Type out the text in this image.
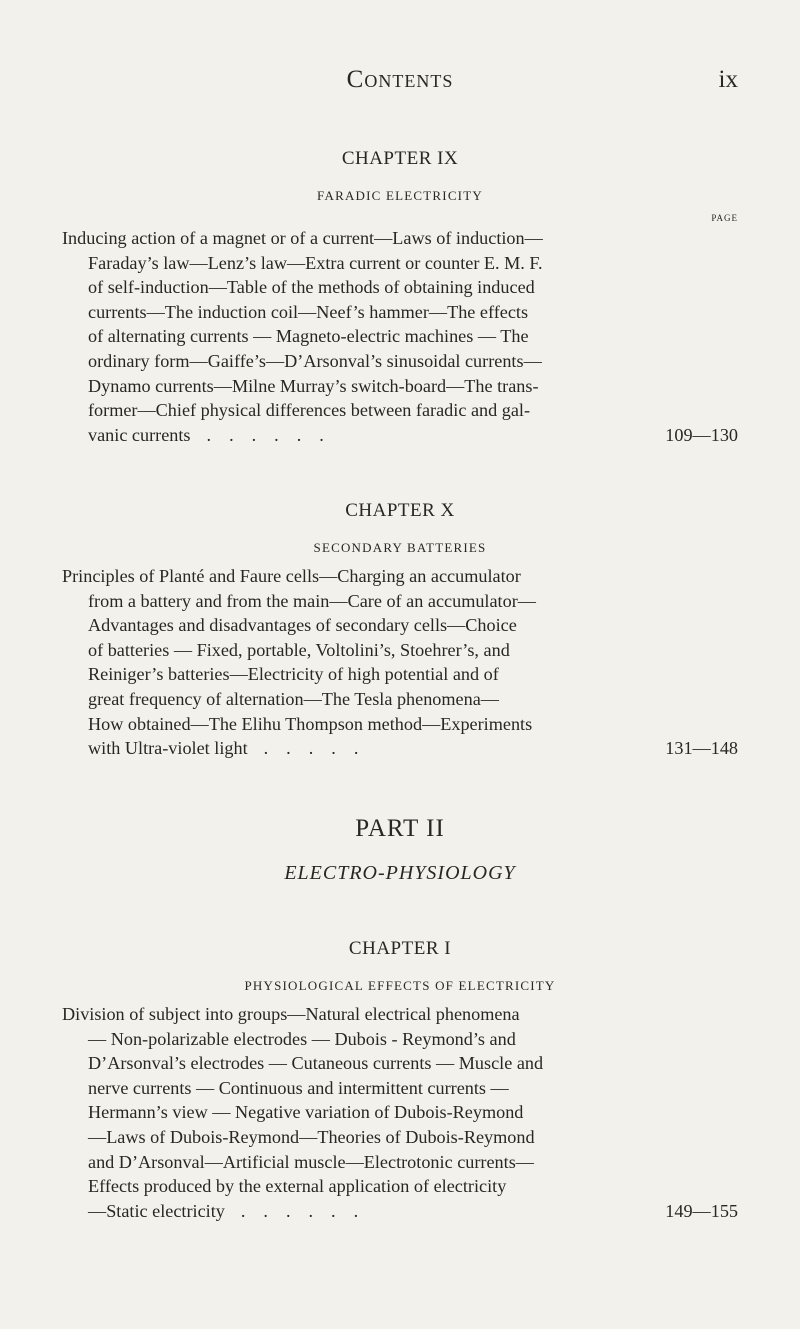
Contents	ix
CHAPTER IX
FARADIC ELECTRICITY
PAGE
Inducing action of a magnet or of a current—Laws of induction—
Faraday’s law—Lenz’s law—Extra current or counter E. M. F.
of self-induction—Table of the methods of obtaining induced
currents—The induction coil—Neef’s hammer—The effects
of alternating currents — Magneto-electric machines — The
ordinary form—Gaiffe’s—D’Arsonval’s sinusoidal currents—
Dynamo currents—Milne Murray’s switch-board—The trans-
former—Chief physical differences between faradic and gal-
vanic currents ......	109—130
CHAPTER X
SECONDARY BATTERIES
Principles of Planté and Faure cells—Charging an accumulator
from a battery and from the main—Care of an accumulator—
Advantages and disadvantages of secondary cells—Choice
of batteries — Fixed, portable, Voltolini’s, Stoehrer’s, and
Reiniger’s batteries—Electricity of high potential and of
great frequency of alternation—The Tesla phenomena—
How obtained—The Elihu Thompson method—Experiments
with Ultra-violet light .....	131—148
PART II
ELECTRO-PHYSIOLOGY
CHAPTER I
PHYSIOLOGICAL EFFECTS OF ELECTRICITY
Division of subject into groups—Natural electrical phenomena
— Non-polarizable electrodes — Dubois - Reymond’s and
D’Arsonval’s electrodes — Cutaneous currents — Muscle and
nerve currents — Continuous and intermittent currents —
Hermann’s view — Negative variation of Dubois-Reymond
—Laws of Dubois-Reymond—Theories of Dubois-Reymond
and D’Arsonval—Artificial muscle—Electrotonic currents—
Effects produced by the external application of electricity
—Static electricity ......	149—155
